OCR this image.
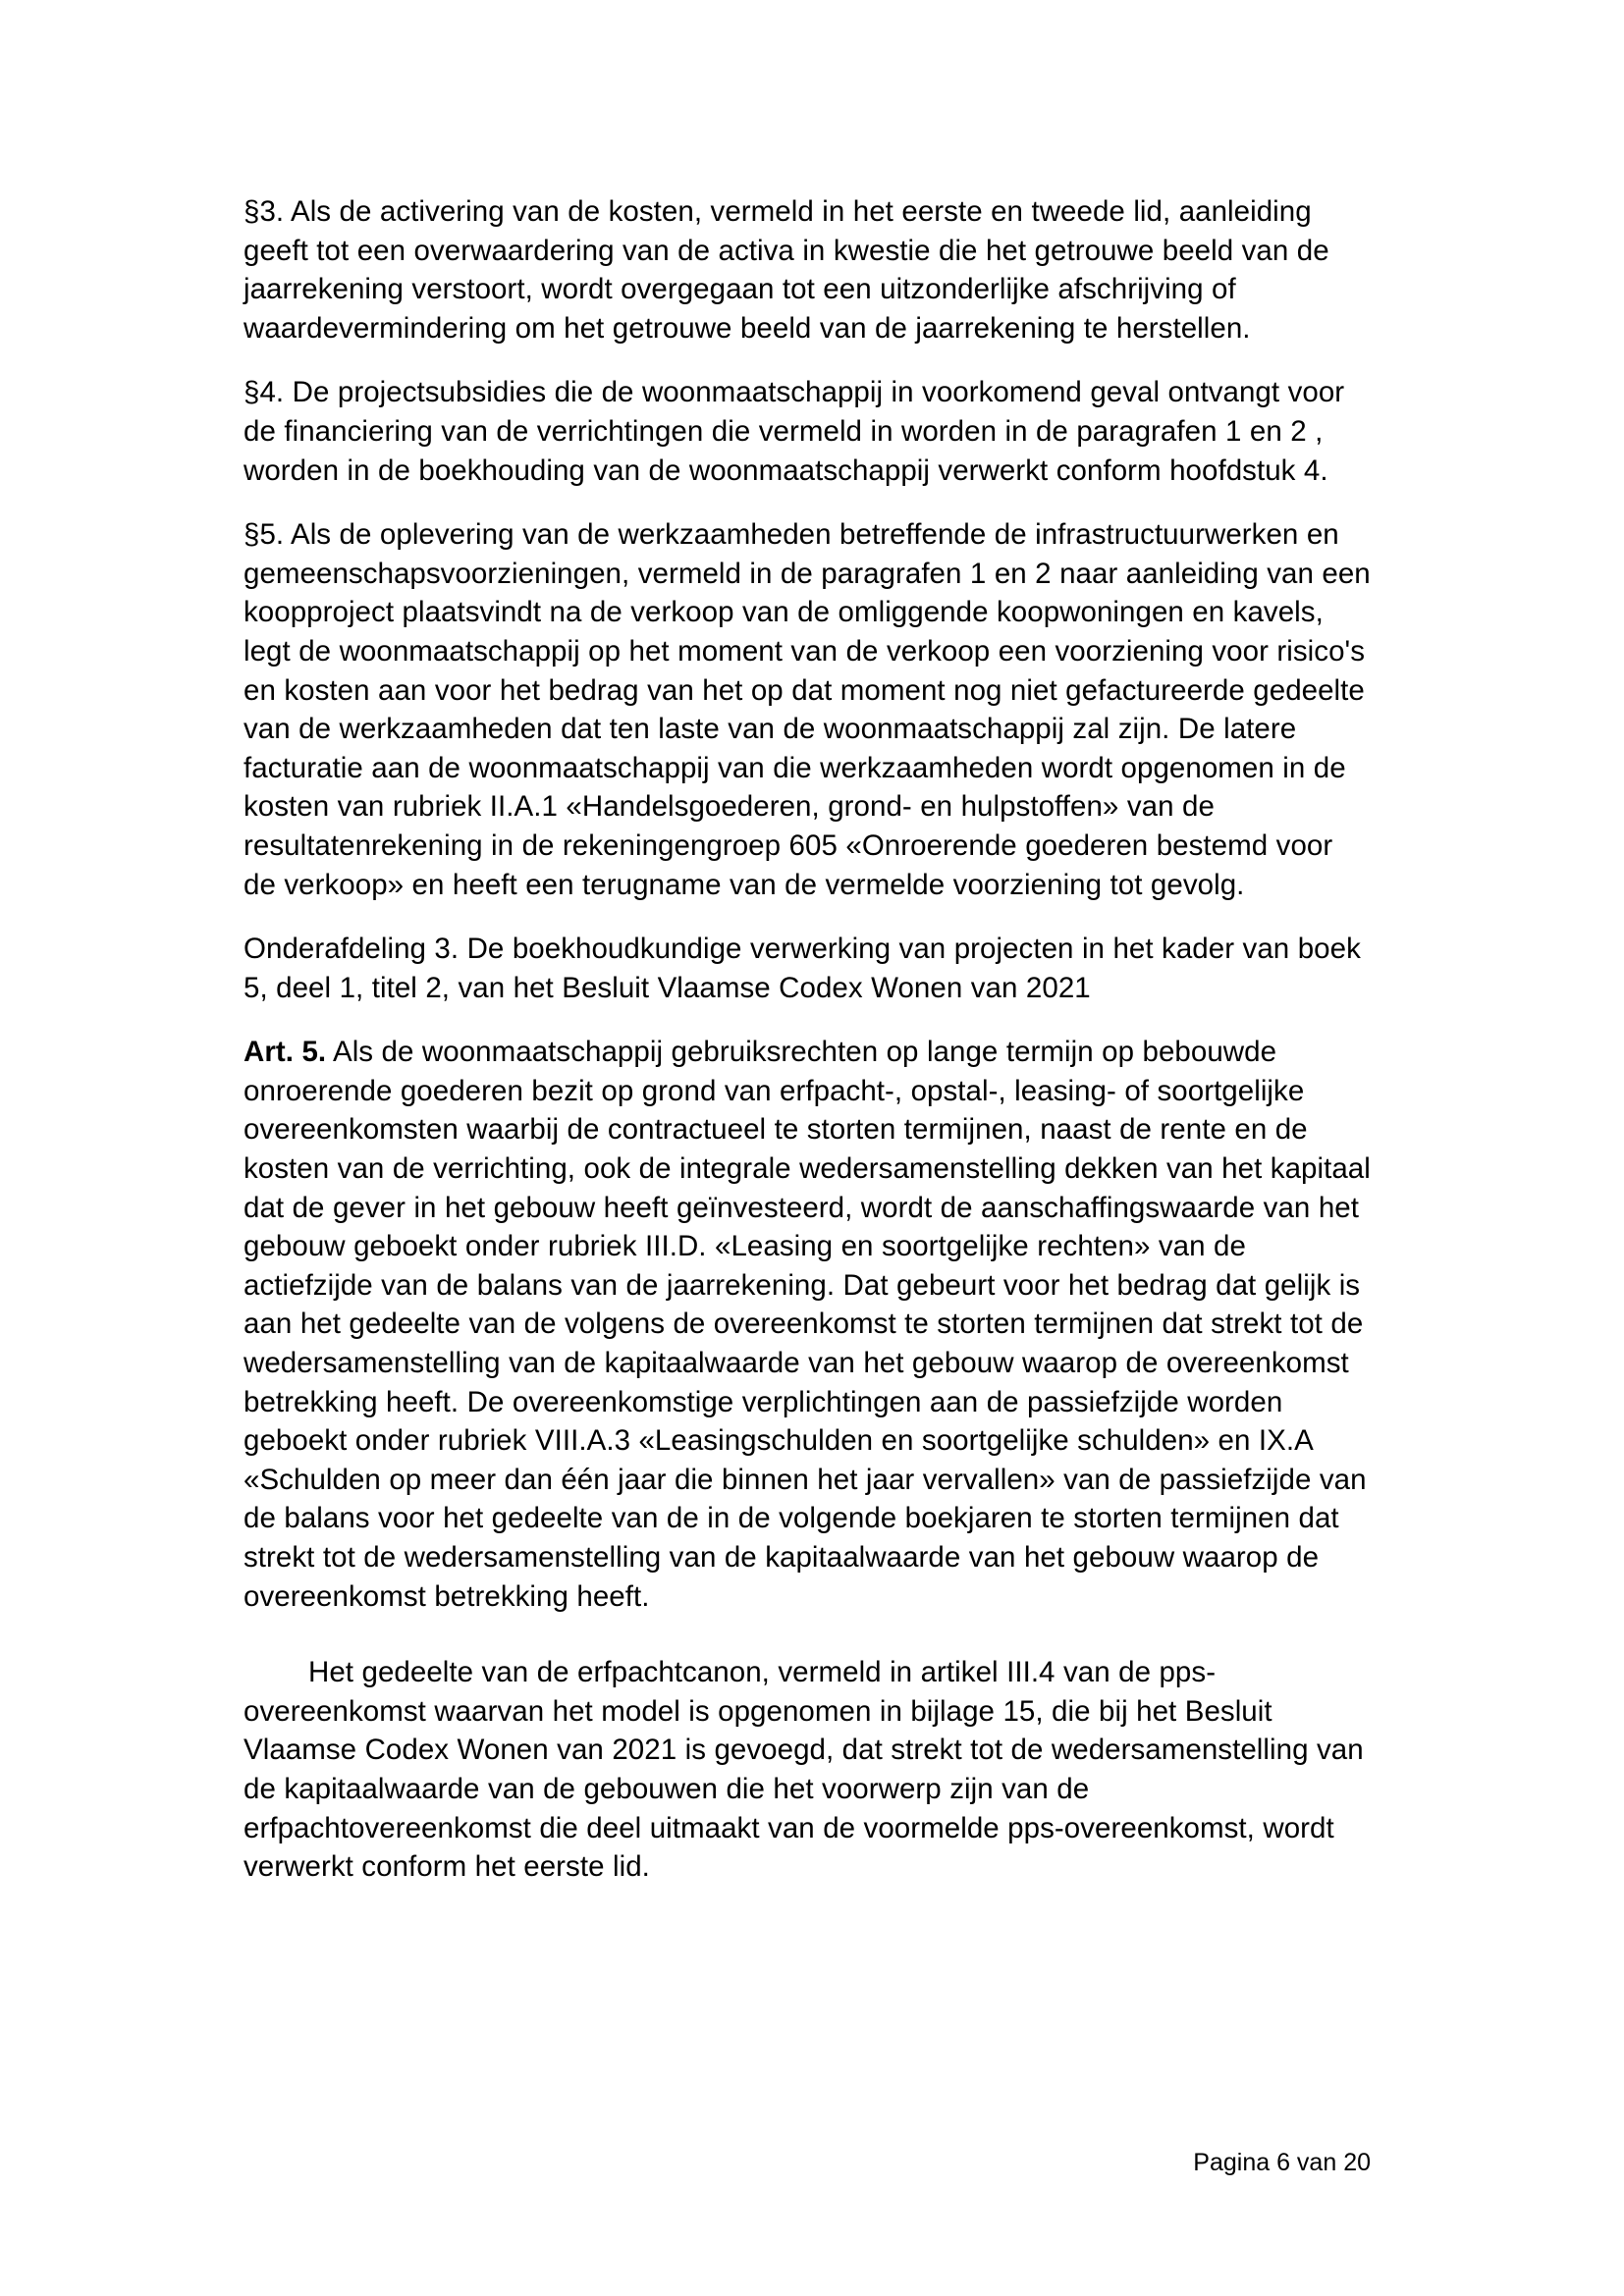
§3. Als de activering van de kosten, vermeld in het eerste en tweede lid, aanleiding geeft tot een overwaardering van de activa in kwestie die het getrouwe beeld van de jaarrekening verstoort, wordt overgegaan tot een uitzonderlijke afschrijving of waardevermindering om het getrouwe beeld van de jaarrekening te herstellen.

§4. De projectsubsidies die de woonmaatschappij in voorkomend geval ontvangt voor de financiering van de verrichtingen die vermeld in worden in de paragrafen 1 en 2 , worden in de boekhouding van de woonmaatschappij verwerkt conform hoofdstuk 4.

§5. Als de oplevering van de werkzaamheden betreffende de infrastructuurwerken en gemeenschapsvoorzieningen, vermeld in de paragrafen 1 en 2 naar aanleiding van een koopproject plaatsvindt na de verkoop van de omliggende koopwoningen en kavels, legt de woonmaatschappij op het moment van de verkoop een voorziening voor risico's en kosten aan voor het bedrag van het op dat moment nog niet gefactureerde gedeelte van de werkzaamheden dat ten laste van de woonmaatschappij zal zijn. De latere facturatie aan de woonmaatschappij van die werkzaamheden wordt opgenomen in de kosten van rubriek II.A.1 «Handelsgoederen, grond- en hulpstoffen» van de resultatenrekening in de rekeningengroep 605 «Onroerende goederen bestemd voor de verkoop» en heeft een terugname van de vermelde voorziening tot gevolg.

Onderafdeling 3. De boekhoudkundige verwerking van projecten in het kader van boek 5, deel 1, titel 2, van het Besluit Vlaamse Codex Wonen van 2021

Art. 5. Als de woonmaatschappij gebruiksrechten op lange termijn op bebouwde onroerende goederen bezit op grond van erfpacht-, opstal-, leasing- of soortgelijke overeenkomsten waarbij de contractueel te storten termijnen, naast de rente en de kosten van de verrichting, ook de integrale wedersamenstelling dekken van het kapitaal dat de gever in het gebouw heeft geïnvesteerd, wordt de aanschaffingswaarde van het gebouw geboekt onder rubriek III.D. «Leasing en soortgelijke rechten» van de actiefzijde van de balans van de jaarrekening. Dat gebeurt voor het bedrag dat gelijk is aan het gedeelte van de volgens de overeenkomst te storten termijnen dat strekt tot de wedersamenstelling van de kapitaalwaarde van het gebouw waarop de overeenkomst betrekking heeft. De overeenkomstige verplichtingen aan de passiefzijde worden geboekt onder rubriek VIII.A.3 «Leasingschulden en soortgelijke schulden» en IX.A «Schulden op meer dan één jaar die binnen het jaar vervallen» van de passiefzijde van de balans voor het gedeelte van de in de volgende boekjaren te storten termijnen dat strekt tot de wedersamenstelling van de kapitaalwaarde van het gebouw waarop de overeenkomst betrekking heeft.

Het gedeelte van de erfpachtcanon, vermeld in artikel III.4 van de pps-overeenkomst waarvan het model is opgenomen in bijlage 15, die bij het Besluit Vlaamse Codex Wonen van 2021 is gevoegd, dat strekt tot de wedersamenstelling van de kapitaalwaarde van de gebouwen die het voorwerp zijn van de erfpachtovereenkomst die deel uitmaakt van de voormelde pps-overeenkomst, wordt verwerkt conform het eerste lid.

Pagina 6 van 20
